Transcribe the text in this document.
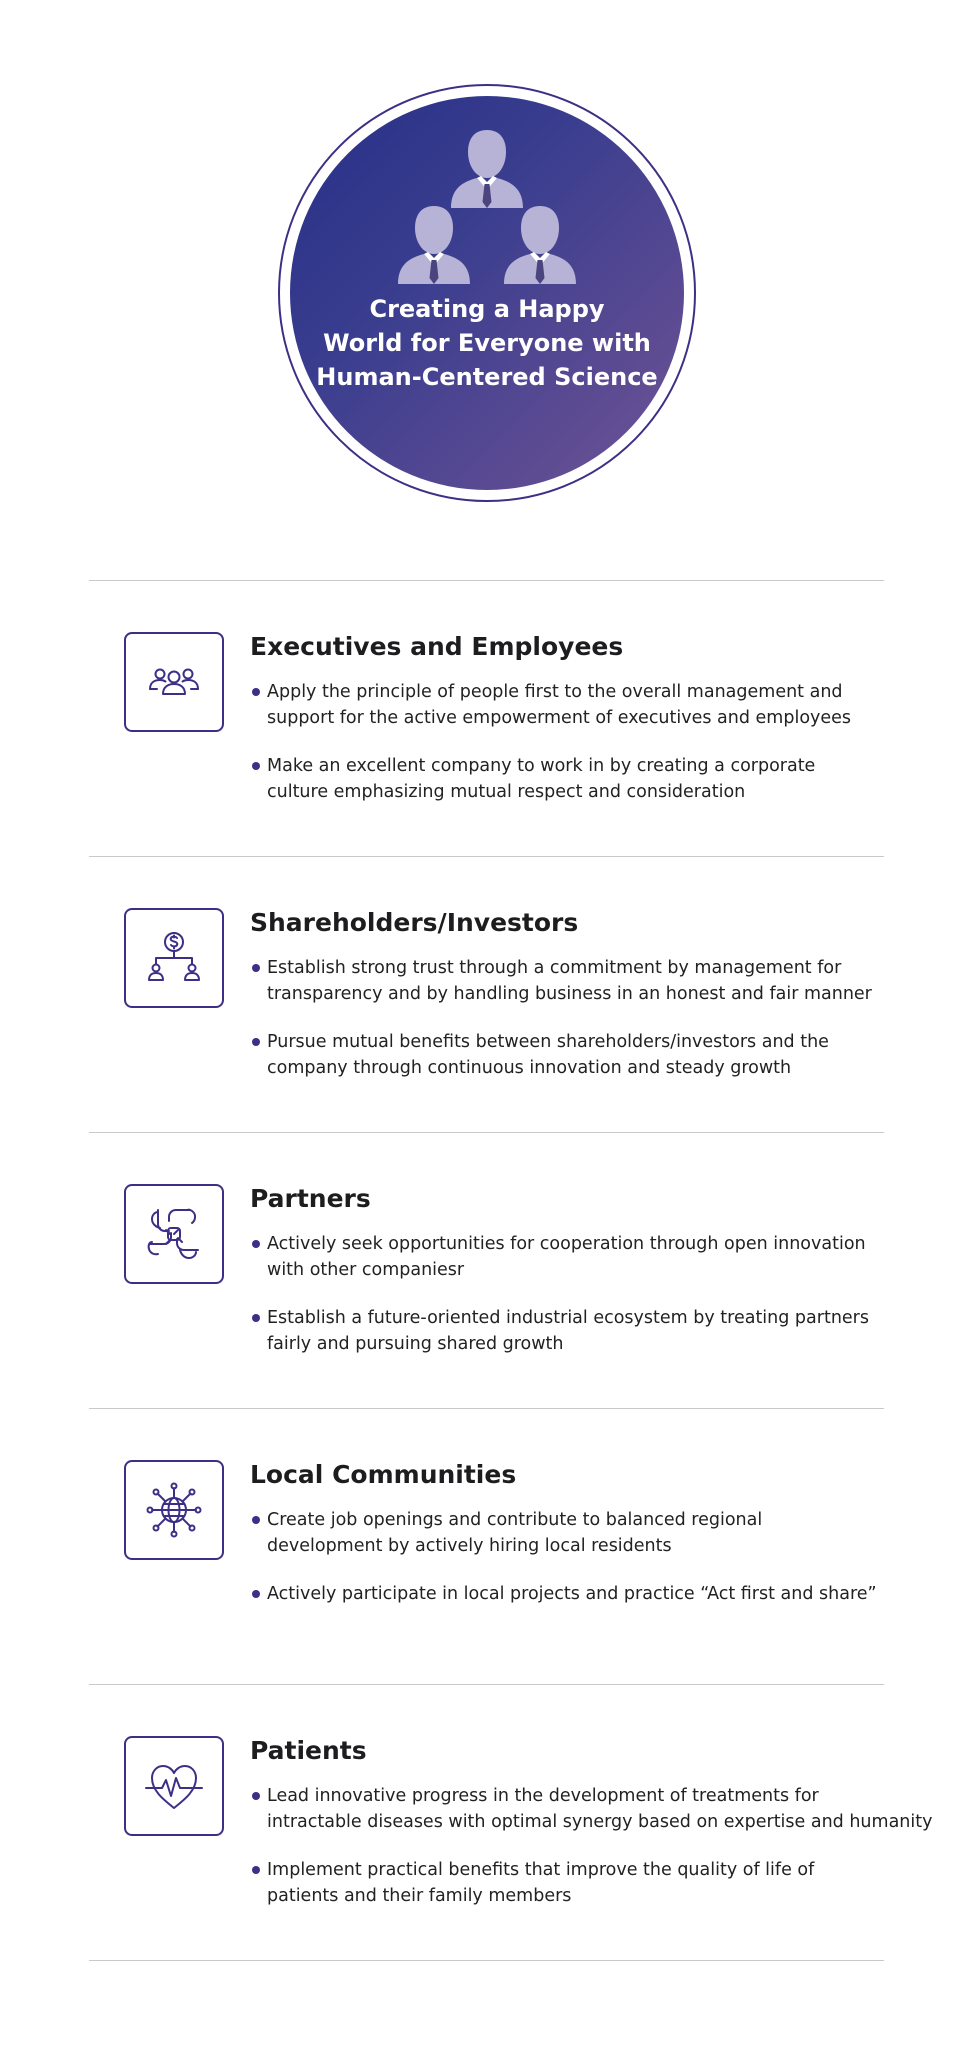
Creating a Happy
World for Everyone with
Human-Centered Science
Executives and Employees
Apply the principle of people first to the overall management and
support for the active empowerment of executives and employees
Make an excellent company to work in by creating a corporate
culture emphasizing mutual respect and consideration
Shareholders/Investors
Establish strong trust through a commitment by management for
transparency and by handling business in an honest and fair manner
Pursue mutual benefits between shareholders/investors and the
company through continuous innovation and steady growth
Partners
Actively seek opportunities for cooperation through open innovation
with other companiesr
Establish a future-oriented industrial ecosystem by treating partners
fairly and pursuing shared growth
Local Communities
Create job openings and contribute to balanced regional
development by actively hiring local residents
Actively participate in local projects and practice “Act first and share”
Patients
Lead innovative progress in the development of treatments for
intractable diseases with optimal synergy based on expertise and humanity
Implement practical benefits that improve the quality of life of
patients and their family members
